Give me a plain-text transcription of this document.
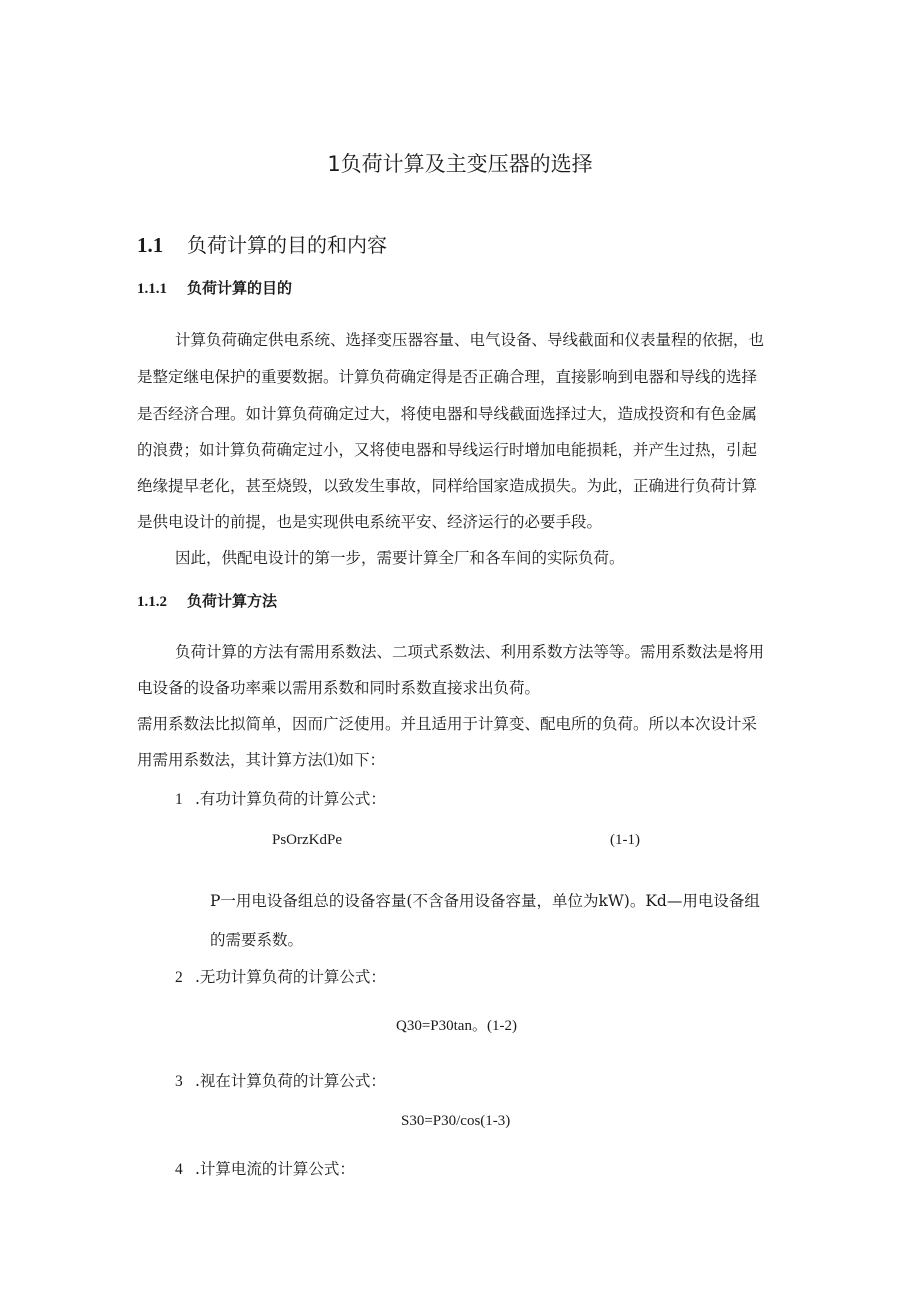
1负荷计算及主变压器的选择
1.1 负荷计算的目的和内容
1.1.1 负荷计算的目的
计算负荷确定供电系统、选择变压器容量、电气设备、导线截面和仪表量程的依据，也
是整定继电保护的重要数据。计算负荷确定得是否正确合理，直接影响到电器和导线的选择
是否经济合理。如计算负荷确定过大，将使电器和导线截面选择过大，造成投资和有色金属
的浪费；如计算负荷确定过小，又将使电器和导线运行时增加电能损耗，并产生过热，引起
绝缘提早老化，甚至烧毁，以致发生事故，同样给国家造成损失。为此，正确进行负荷计算
是供电设计的前提，也是实现供电系统平安、经济运行的必要手段。
因此，供配电设计的第一步，需要计算全厂和各车间的实际负荷。
1.1.2 负荷计算方法
负荷计算的方法有需用系数法、二项式系数法、利用系数方法等等。需用系数法是将用
电设备的设备功率乘以需用系数和同时系数直接求出负荷。
需用系数法比拟简单，因而广泛使用。并且适用于计算变、配电所的负荷。所以本次设计采
用需用系数法，其计算方法⑴如下：
1 .有功计算负荷的计算公式：
PsOrzKdPe	(1-1)
P一用电设备组总的设备容量(不含备用设备容量，单位为kW)。Kd—用电设备组
的需要系数。
2 .无功计算负荷的计算公式：
Q30=P30tan。(1-2)
3 .视在计算负荷的计算公式：
S30=P30/cos(1-3)
4 .计算电流的计算公式：
